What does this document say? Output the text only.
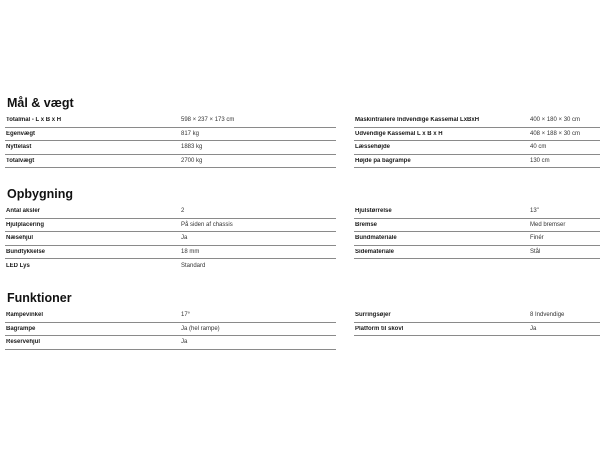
Mål & vægt
Totalmål - L x B x H	598 × 237 × 173 cm
Egenvægt	817 kg
Nyttelast	1883 kg
Totalvægt	2700 kg
Maskintrailere Indvendige Kassemål LxBxH	400 × 180 × 30 cm
Udvendige Kassemål L x B x H	408 × 188 × 30 cm
Læssehøjde	40 cm
Højde på bagrampe	130 cm
Opbygning
Antal aksler	2
Hjulplacering	På siden af chassis
Næsehjul	Ja
Bundtykkelse	18 mm
LED Lys	Standard
Hjulstørrelse	13"
Bremse	Med bremser
Bundmateriale	Finér
Sidemateriale	Stål
Funktioner
Rampevinkel	17°
Bagrampe	Ja (hel rampe)
Reservehjul	Ja
Surringsøjer	8 Indvendige
Platform til skovl	Ja
